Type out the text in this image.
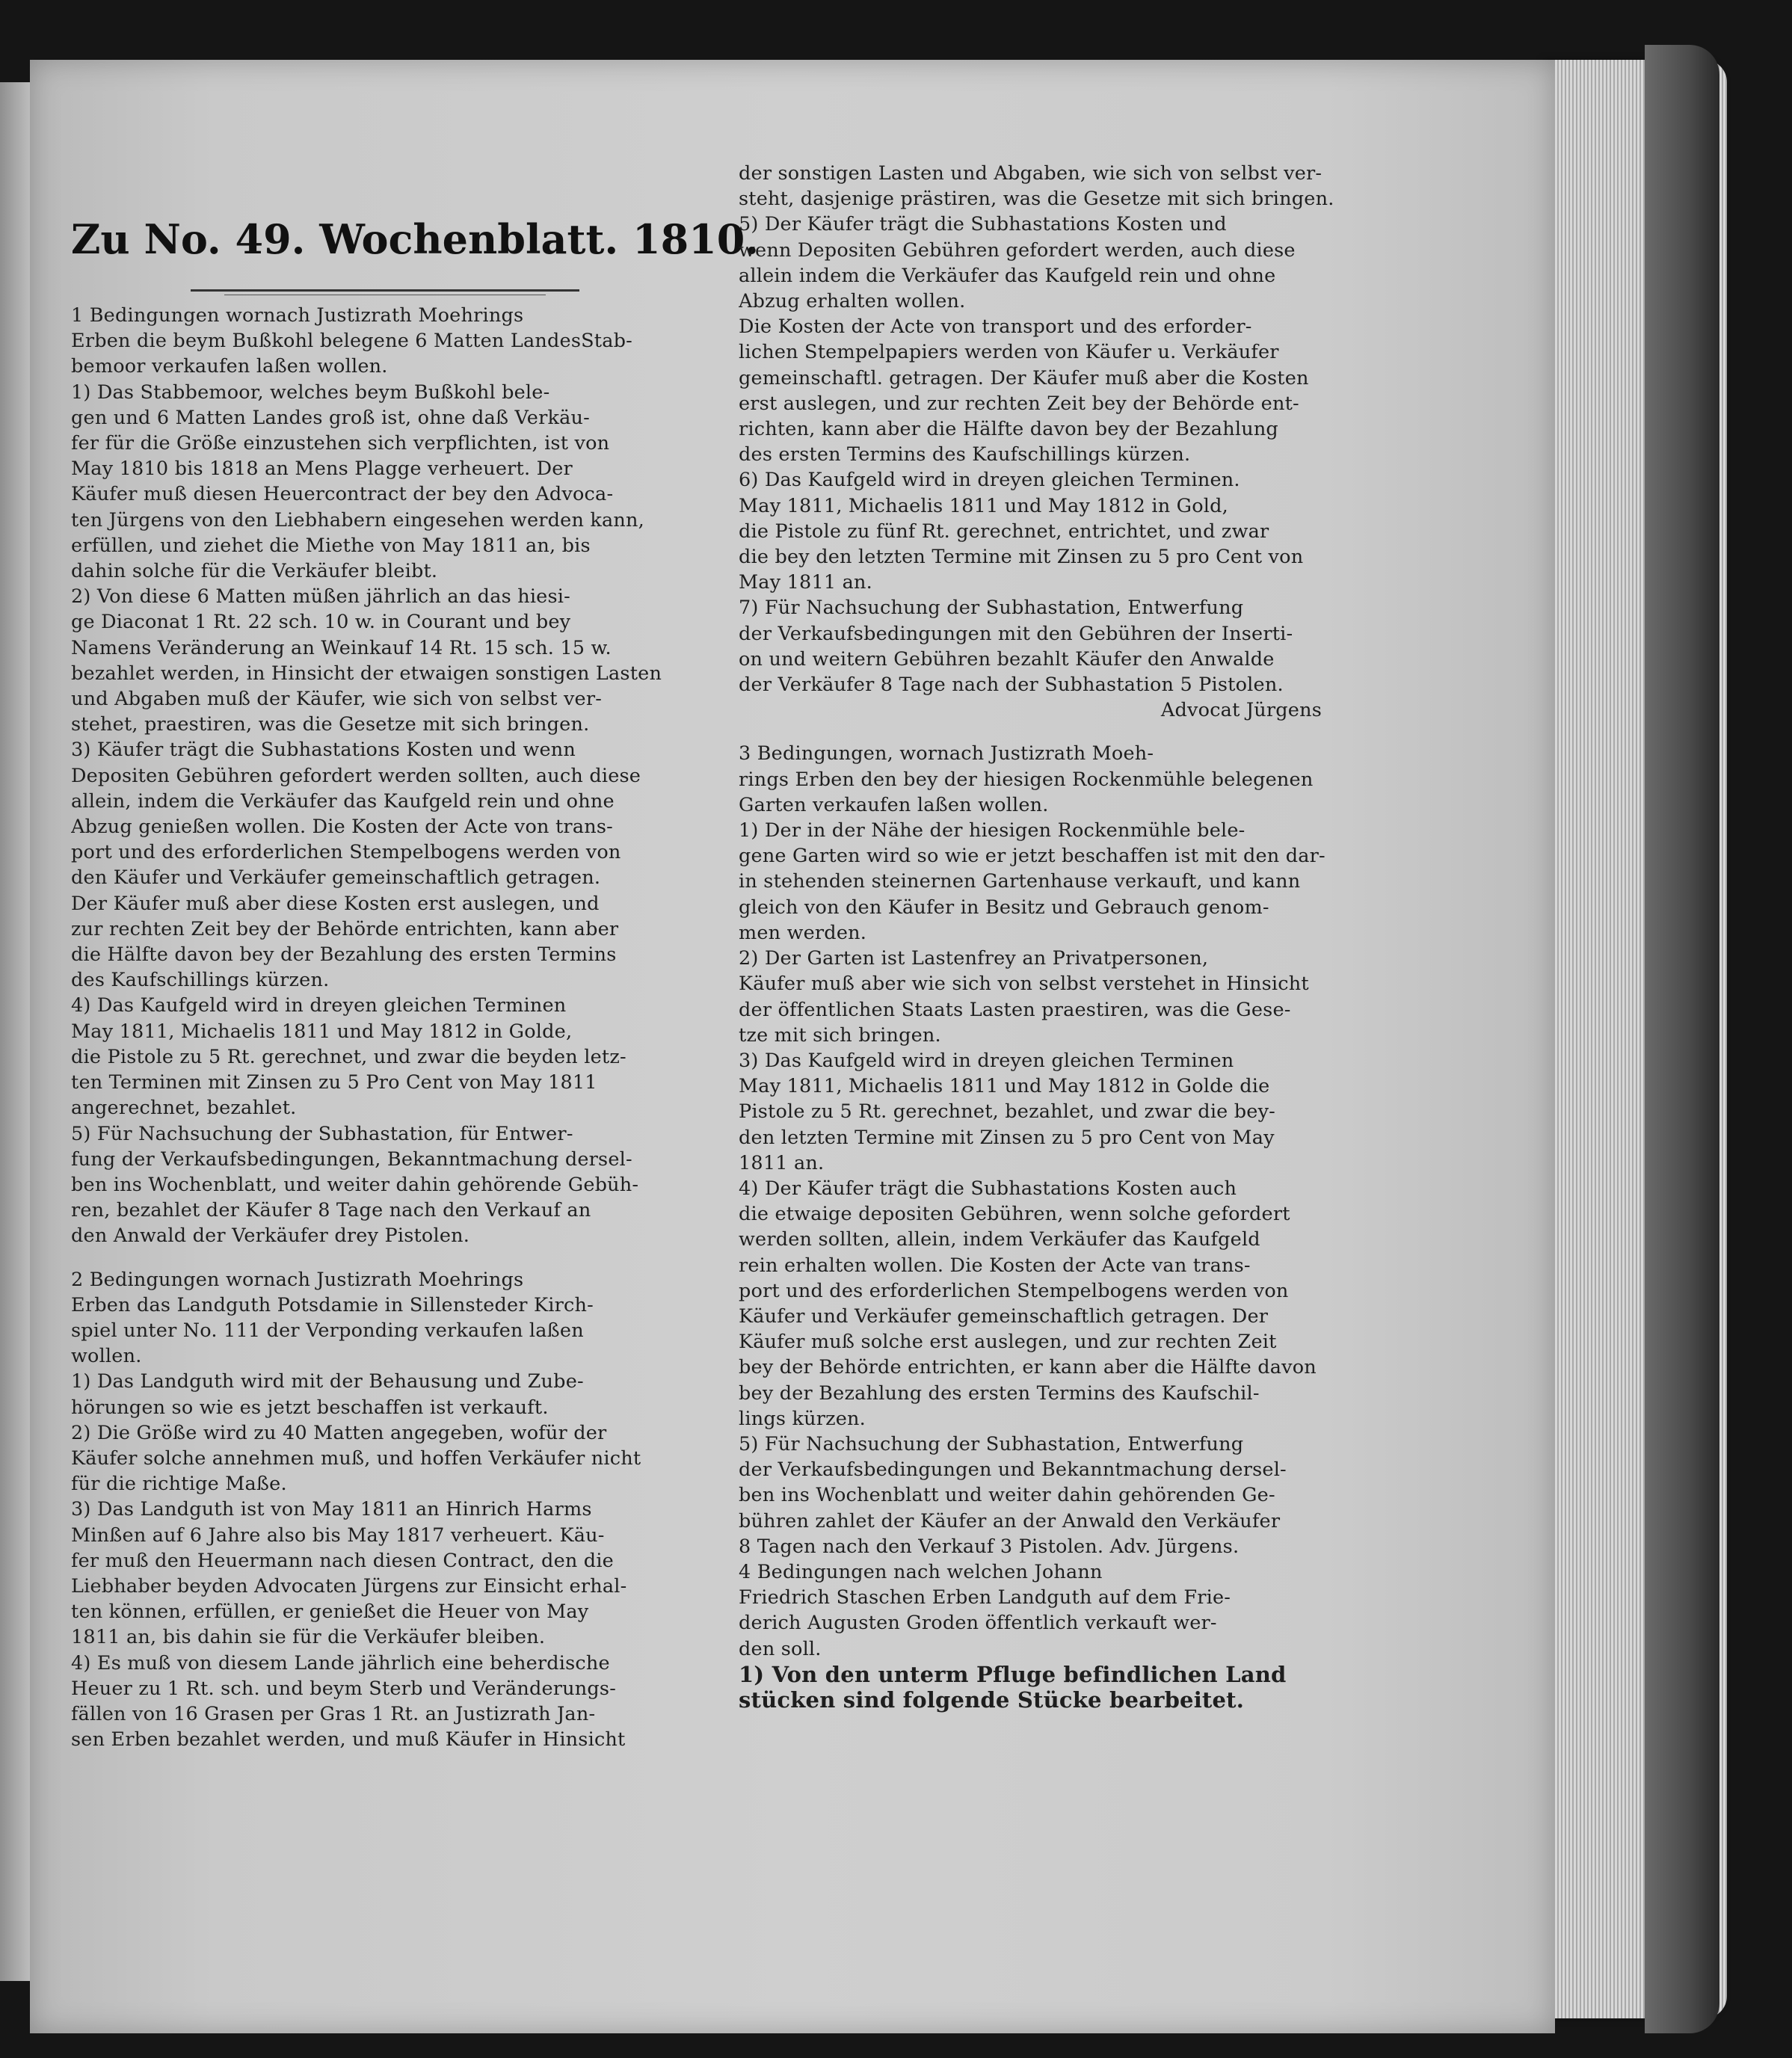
Zu No. 49. Wochenblatt. 1810.
1 Bedingungen wornach Justizrath Moehrings
Erben die beym Bußkohl belegene 6 Matten LandesStab-
bemoor verkaufen laßen wollen.
1) Das Stabbemoor, welches beym Bußkohl bele-
gen und 6 Matten Landes groß ist, ohne daß Verkäu-
fer für die Größe einzustehen sich verpflichten, ist von
May 1810 bis 1818 an Mens Plagge verheuert. Der
Käufer muß diesen Heuercontract der bey den Advoca-
ten Jürgens von den Liebhabern eingesehen werden kann,
erfüllen, und ziehet die Miethe von May 1811 an, bis
dahin solche für die Verkäufer bleibt.
2) Von diese 6 Matten müßen jährlich an das hiesi-
ge Diaconat 1 Rt. 22 sch. 10 w. in Courant und bey
Namens Veränderung an Weinkauf 14 Rt. 15 sch. 15 w.
bezahlet werden, in Hinsicht der etwaigen sonstigen Lasten
und Abgaben muß der Käufer, wie sich von selbst ver-
stehet, praestiren, was die Gesetze mit sich bringen.
3) Käufer trägt die Subhastations Kosten und wenn
Depositen Gebühren gefordert werden sollten, auch diese
allein, indem die Verkäufer das Kaufgeld rein und ohne
Abzug genießen wollen. Die Kosten der Acte von trans-
port und des erforderlichen Stempelbogens werden von
den Käufer und Verkäufer gemeinschaftlich getragen.
Der Käufer muß aber diese Kosten erst auslegen, und
zur rechten Zeit bey der Behörde entrichten, kann aber
die Hälfte davon bey der Bezahlung des ersten Termins
des Kaufschillings kürzen.
4) Das Kaufgeld wird in dreyen gleichen Terminen
May 1811, Michaelis 1811 und May 1812 in Golde,
die Pistole zu 5 Rt. gerechnet, und zwar die beyden letz-
ten Terminen mit Zinsen zu 5 Pro Cent von May 1811
angerechnet, bezahlet.
5) Für Nachsuchung der Subhastation, für Entwer-
fung der Verkaufsbedingungen, Bekanntmachung dersel-
ben ins Wochenblatt, und weiter dahin gehörende Gebüh-
ren, bezahlet der Käufer 8 Tage nach den Verkauf an
den Anwald der Verkäufer drey Pistolen.
2 Bedingungen wornach Justizrath Moehrings
Erben das Landguth Potsdamie in Sillensteder Kirch-
spiel unter No. 111 der Verponding verkaufen laßen
wollen.
1) Das Landguth wird mit der Behausung und Zube-
hörungen so wie es jetzt beschaffen ist verkauft.
2) Die Größe wird zu 40 Matten angegeben, wofür der
Käufer solche annehmen muß, und hoffen Verkäufer nicht
für die richtige Maße.
3) Das Landguth ist von May 1811 an Hinrich Harms
Minßen auf 6 Jahre also bis May 1817 verheuert. Käu-
fer muß den Heuermann nach diesen Contract, den die
Liebhaber beyden Advocaten Jürgens zur Einsicht erhal-
ten können, erfüllen, er genießet die Heuer von May
1811 an, bis dahin sie für die Verkäufer bleiben.
4) Es muß von diesem Lande jährlich eine beherdische
Heuer zu 1 Rt. sch. und beym Sterb und Veränderungs-
fällen von 16 Grasen per Gras 1 Rt. an Justizrath Jan-
sen Erben bezahlet werden, und muß Käufer in Hinsicht
der sonstigen Lasten und Abgaben, wie sich von selbst ver-
steht, dasjenige prästiren, was die Gesetze mit sich bringen.
5) Der Käufer trägt die Subhastations Kosten und
wenn Depositen Gebühren gefordert werden, auch diese
allein indem die Verkäufer das Kaufgeld rein und ohne
Abzug erhalten wollen.
Die Kosten der Acte von transport und des erforder-
lichen Stempelpapiers werden von Käufer u. Verkäufer
gemeinschaftl. getragen. Der Käufer muß aber die Kosten
erst auslegen, und zur rechten Zeit bey der Behörde ent-
richten, kann aber die Hälfte davon bey der Bezahlung
des ersten Termins des Kaufschillings kürzen.
6) Das Kaufgeld wird in dreyen gleichen Terminen.
May 1811, Michaelis 1811 und May 1812 in Gold,
die Pistole zu fünf Rt. gerechnet, entrichtet, und zwar
die bey den letzten Termine mit Zinsen zu 5 pro Cent von
May 1811 an.
7) Für Nachsuchung der Subhastation, Entwerfung
der Verkaufsbedingungen mit den Gebühren der Inserti-
on und weitern Gebühren bezahlt Käufer den Anwalde
der Verkäufer 8 Tage nach der Subhastation 5 Pistolen.
Advocat Jürgens
3 Bedingungen, wornach Justizrath Moeh-
rings Erben den bey der hiesigen Rockenmühle belegenen
Garten verkaufen laßen wollen.
1) Der in der Nähe der hiesigen Rockenmühle bele-
gene Garten wird so wie er jetzt beschaffen ist mit den dar-
in stehenden steinernen Gartenhause verkauft, und kann
gleich von den Käufer in Besitz und Gebrauch genom-
men werden.
2) Der Garten ist Lastenfrey an Privatpersonen,
Käufer muß aber wie sich von selbst verstehet in Hinsicht
der öffentlichen Staats Lasten praestiren, was die Gese-
tze mit sich bringen.
3) Das Kaufgeld wird in dreyen gleichen Terminen
May 1811, Michaelis 1811 und May 1812 in Golde die
Pistole zu 5 Rt. gerechnet, bezahlet, und zwar die bey-
den letzten Termine mit Zinsen zu 5 pro Cent von May
1811 an.
4) Der Käufer trägt die Subhastations Kosten auch
die etwaige depositen Gebühren, wenn solche gefordert
werden sollten, allein, indem Verkäufer das Kaufgeld
rein erhalten wollen. Die Kosten der Acte van trans-
port und des erforderlichen Stempelbogens werden von
Käufer und Verkäufer gemeinschaftlich getragen. Der
Käufer muß solche erst auslegen, und zur rechten Zeit
bey der Behörde entrichten, er kann aber die Hälfte davon
bey der Bezahlung des ersten Termins des Kaufschil-
lings kürzen.
5) Für Nachsuchung der Subhastation, Entwerfung
der Verkaufsbedingungen und Bekanntmachung dersel-
ben ins Wochenblatt und weiter dahin gehörenden Ge-
bühren zahlet der Käufer an der Anwald den Verkäufer
8 Tagen nach den Verkauf 3 Pistolen. Adv. Jürgens.
4 Bedingungen nach welchen Johann
Friedrich Staschen Erben Landguth auf dem Frie-
derich Augusten Groden öffentlich verkauft wer-
den soll.
1) Von den unterm Pfluge befindlichen Land
stücken sind folgende Stücke bearbeitet.
